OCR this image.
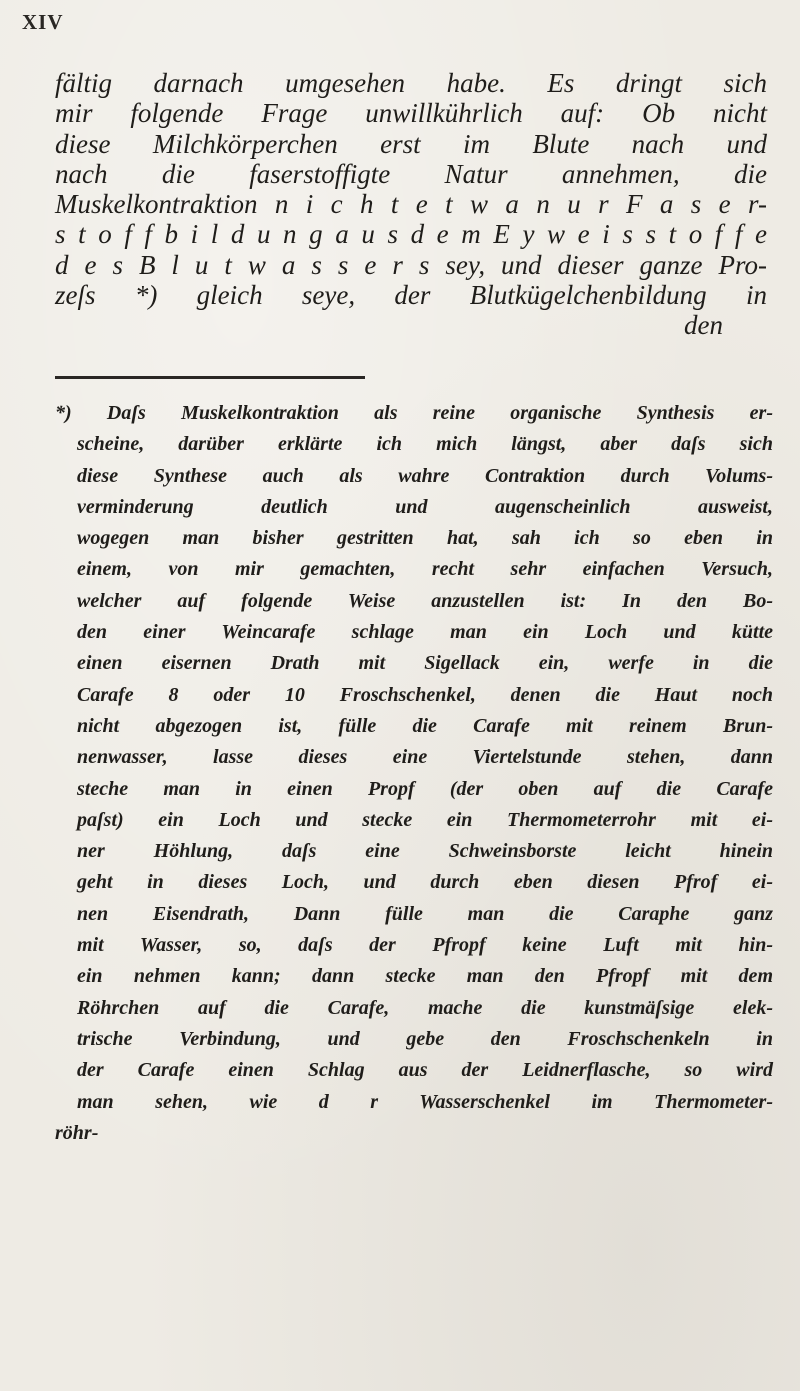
XIV
fältig darnach umgesehen habe. Es dringt sich
mir folgende Frage unwillkührlich auf: Ob nicht
diese Milchkörperchen erst im Blute nach und
nach die faserstoffigte Natur annehmen, die
Muskelkontraktion n i c h t e t w a n u r F a s e r-
s t o f f b i l d u n g a u s d e m E y w e i s s t o f f e
d e s B l u t w a s s e r s sey, und dieser ganze Pro-
zeſs *) gleich seye, der Blutkügelchenbildung in
den
*) Daſs Muskelkontraktion als reine organische Synthesis er-
scheine, darüber erklärte ich mich längst, aber daſs sich
diese Synthese auch als wahre Contraktion durch Volums-
verminderung deutlich und augenscheinlich ausweist,
wogegen man bisher gestritten hat, sah ich so eben in
einem, von mir gemachten, recht sehr einfachen Versuch,
welcher auf folgende Weise anzustellen ist: In den Bo-
den einer Weincarafe schlage man ein Loch und kütte
einen eisernen Drath mit Sigellack ein, werfe in die
Carafe 8 oder 10 Froschschenkel, denen die Haut noch
nicht abgezogen ist, fülle die Carafe mit reinem Brun-
nenwasser, lasse dieses eine Viertelstunde stehen, dann
steche man in einen Propf (der oben auf die Carafe
paſst) ein Loch und stecke ein Thermometerrohr mit ei-
ner Höhlung, daſs eine Schweinsborste leicht hinein
geht in dieses Loch, und durch eben diesen Pfrof ei-
nen Eisendrath, Dann fülle man die Caraphe ganz
mit Wasser, so, daſs der Pfropf keine Luft mit hin-
ein nehmen kann; dann stecke man den Pfropf mit dem
Röhrchen auf die Carafe, mache die kunstmäſsige elek-
trische Verbindung, und gebe den Froschschenkeln in
der Carafe einen Schlag aus der Leidnerflasche, so wird
man sehen, wie d r Wasserschenkel im Thermometer-
röhr-
